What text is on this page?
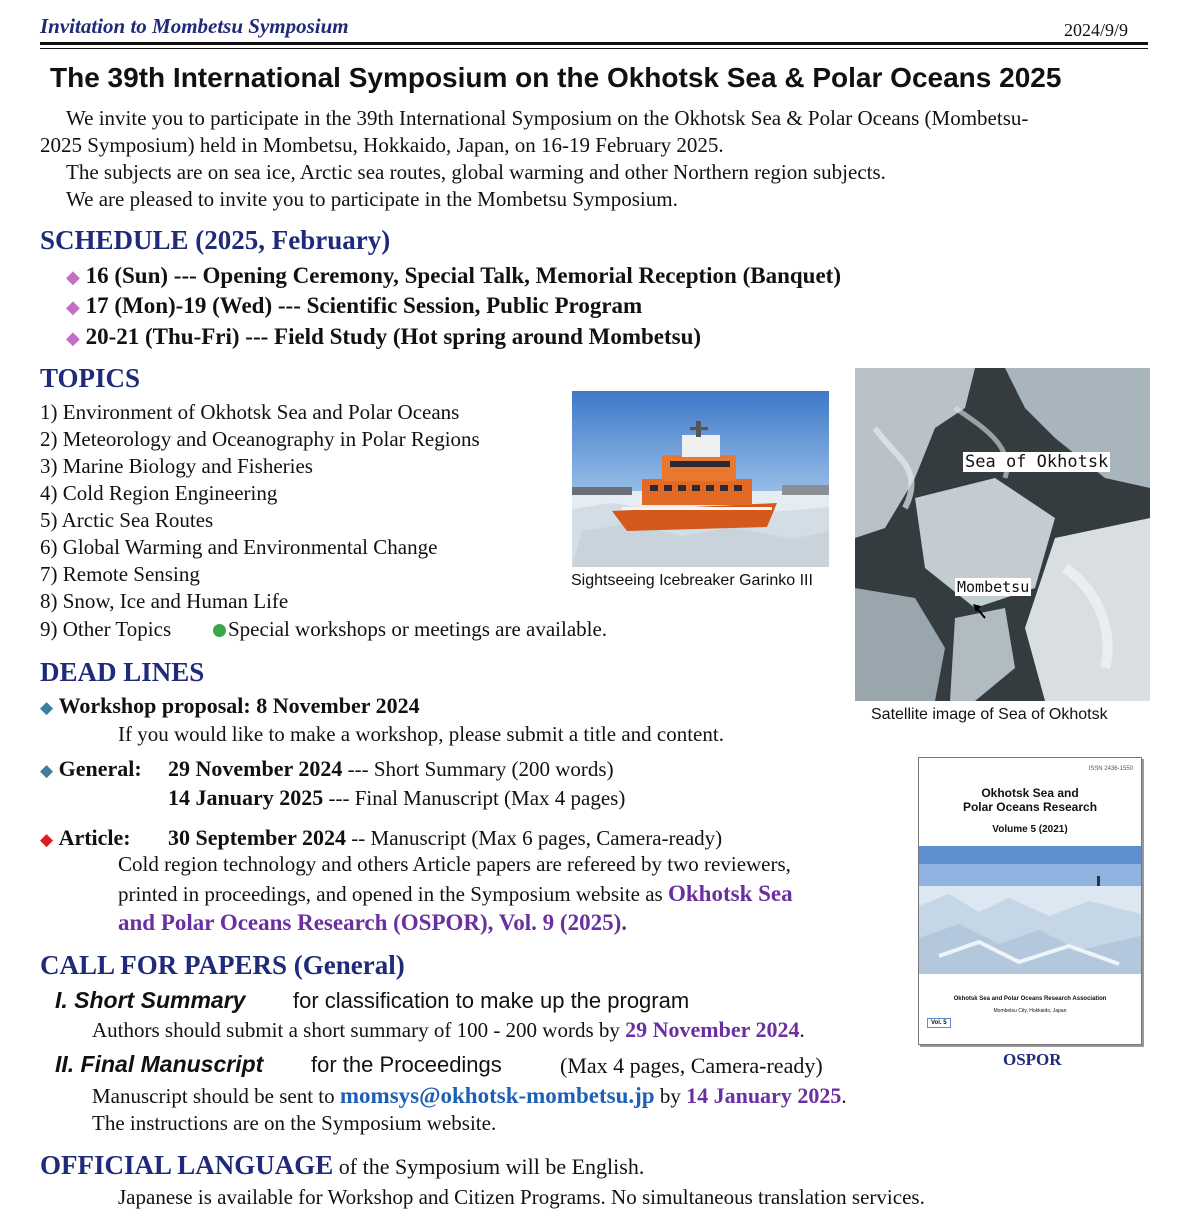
Invitation to Mombetsu Symposium	2024/9/9
The 39th International Symposium on the Okhotsk Sea & Polar Oceans 2025
We invite you to participate in the 39th International Symposium on the Okhotsk Sea & Polar Oceans (Mombetsu-
2025 Symposium) held in Mombetsu, Hokkaido, Japan, on 16-19 February 2025.
The subjects are on sea ice, Arctic sea routes, global warming and other Northern region subjects.
We are pleased to invite you to participate in the Mombetsu Symposium.
SCHEDULE (2025, February)
◆ 16 (Sun) --- Opening Ceremony, Special Talk, Memorial Reception (Banquet)
◆ 17 (Mon)-19 (Wed) --- Scientific Session, Public Program
◆ 20-21 (Thu-Fri) --- Field Study (Hot spring around Mombetsu)
TOPICS
1) Environment of Okhotsk Sea and Polar Oceans
2) Meteorology and Oceanography in Polar Regions
3) Marine Biology and Fisheries
4) Cold Region Engineering
5) Arctic Sea Routes
6) Global Warming and Environmental Change
7) Remote Sensing
8) Snow, Ice and Human Life
9) Other Topics	Special workshops or meetings are available.
Sightseeing Icebreaker Garinko III
Sea of Okhotsk
Mombetsu
Satellite image of Sea of Okhotsk
ISSN 2436-1550
Okhotsk Sea and
Polar Oceans Research
Volume 5 (2021)
Okhotsk Sea and Polar Oceans Research Association
Mombetsu City, Hokkaido, Japan
Vol. 5
OSPOR
DEAD LINES
◆ Workshop proposal: 8 November 2024
If you would like to make a workshop, please submit a title and content.
◆ General: 29 November 2024 --- Short Summary (200 words)
14 January 2025 --- Final Manuscript (Max 4 pages)
◆ Article: 30 September 2024 -- Manuscript (Max 6 pages, Camera-ready)
Cold region technology and others Article papers are refereed by two reviewers,
printed in proceedings, and opened in the Symposium website as Okhotsk Sea
and Polar Oceans Research (OSPOR), Vol. 9 (2025).
CALL FOR PAPERS (General)
I. Short Summary for classification to make up the program
Authors should submit a short summary of 100 - 200 words by 29 November 2024.
II. Final Manuscript for the Proceedings	(Max 4 pages, Camera-ready)
Manuscript should be sent to momsys@okhotsk-mombetsu.jp by 14 January 2025.
The instructions are on the Symposium website.
OFFICIAL LANGUAGE of the Symposium will be English.
Japanese is available for Workshop and Citizen Programs. No simultaneous translation services.
